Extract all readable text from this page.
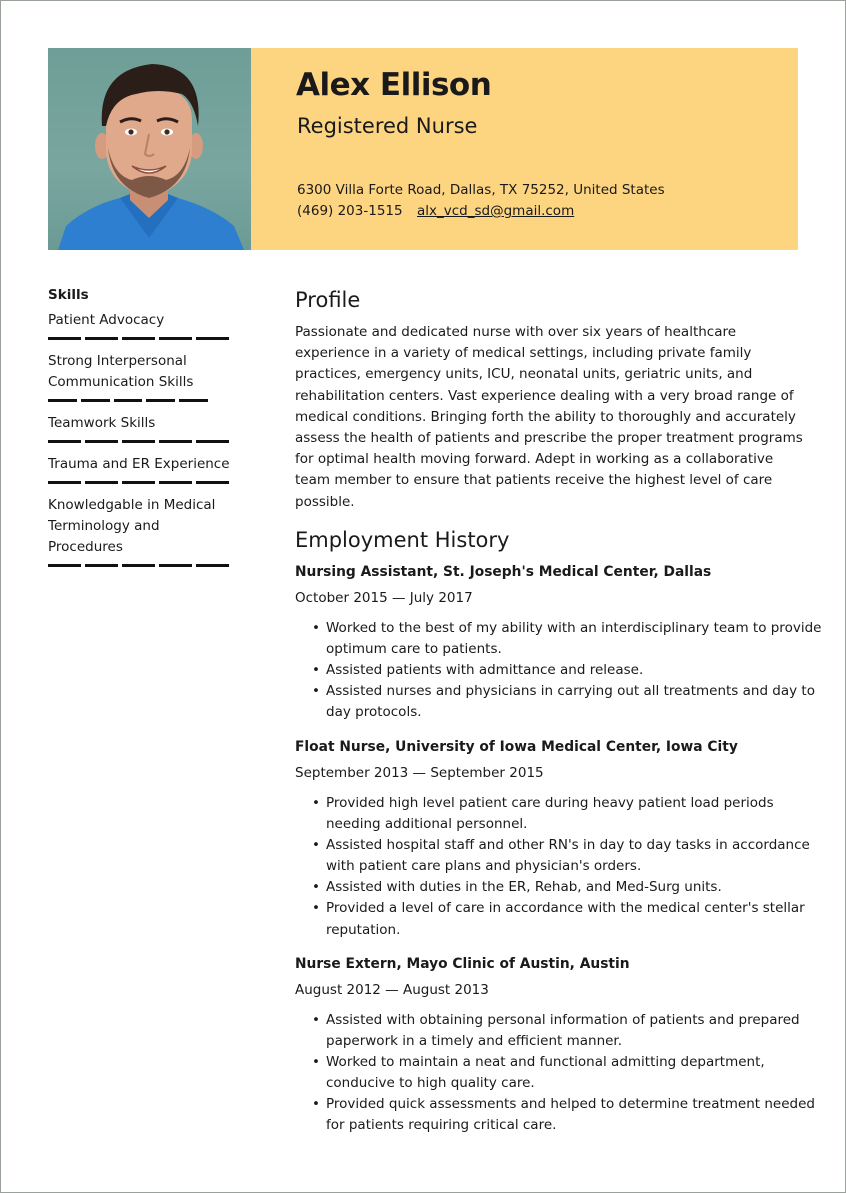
Alex Ellison
Registered Nurse
6300 Villa Forte Road, Dallas, TX 75252, United States
(469) 203-1515 alx_vcd_sd@gmail.com
Skills
Patient Advocacy
Strong Interpersonal Communication Skills
Teamwork Skills
Trauma and ER Experience
Knowledgable in Medical Terminology and Procedures
Profile
Passionate and dedicated nurse with over six years of healthcare experience in a variety of medical settings, including private family practices, emergency units, ICU, neonatal units, geriatric units, and rehabilitation centers. Vast experience dealing with a very broad range of medical conditions. Bringing forth the ability to thoroughly and accurately assess the health of patients and prescribe the proper treatment programs for optimal health moving forward. Adept in working as a collaborative team member to ensure that patients receive the highest level of care possible.
Employment History
Nursing Assistant, St. Joseph's Medical Center, Dallas
October 2015 — July 2017
• Worked to the best of my ability with an interdisciplinary team to provide optimum care to patients.
• Assisted patients with admittance and release.
• Assisted nurses and physicians in carrying out all treatments and day to day protocols.
Float Nurse, University of Iowa Medical Center, Iowa City
September 2013 — September 2015
• Provided high level patient care during heavy patient load periods needing additional personnel.
• Assisted hospital staff and other RN's in day to day tasks in accordance with patient care plans and physician's orders.
• Assisted with duties in the ER, Rehab, and Med-Surg units.
• Provided a level of care in accordance with the medical center's stellar reputation.
Nurse Extern, Mayo Clinic of Austin, Austin
August 2012 — August 2013
• Assisted with obtaining personal information of patients and prepared paperwork in a timely and efficient manner.
• Worked to maintain a neat and functional admitting department, conducive to high quality care.
• Provided quick assessments and helped to determine treatment needed for patients requiring critical care.
